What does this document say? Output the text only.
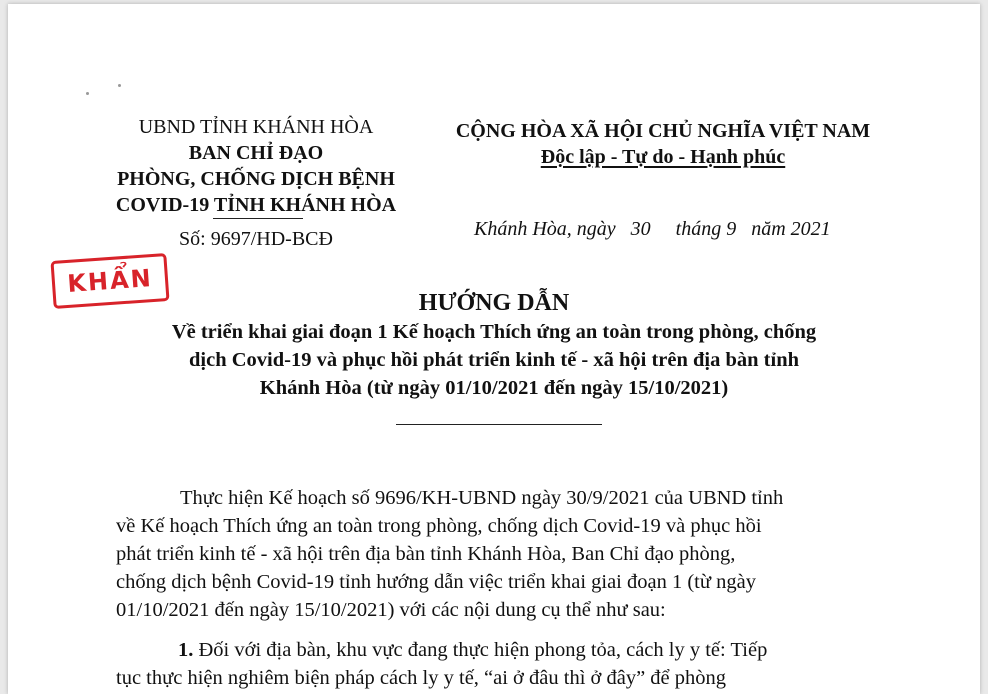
UBND TỈNH KHÁNH HÒA
BAN CHỈ ĐẠO
PHÒNG, CHỐNG DỊCH BỆNH
COVID-19 TỈNH KHÁNH HÒA
Số: 9697/HD-BCĐ
KHẨN
CỘNG HÒA XÃ HỘI CHỦ NGHĨA VIỆT NAM
Độc lập - Tự do - Hạnh phúc
Khánh Hòa, ngày   30     tháng 9   năm 2021
HƯỚNG DẪN
Về triển khai giai đoạn 1 Kế hoạch Thích ứng an toàn trong phòng, chống
dịch Covid-19 và phục hồi phát triển kinh tế - xã hội trên địa bàn tỉnh
Khánh Hòa (từ ngày 01/10/2021 đến ngày 15/10/2021)
Thực hiện Kế hoạch số 9696/KH-UBND ngày 30/9/2021 của UBND tỉnh
về Kế hoạch Thích ứng an toàn trong phòng, chống dịch Covid-19 và phục hồi
phát triển kinh tế - xã hội trên địa bàn tỉnh Khánh Hòa, Ban Chỉ đạo phòng,
chống dịch bệnh Covid-19 tỉnh hướng dẫn việc triển khai giai đoạn 1 (từ ngày
01/10/2021 đến ngày 15/10/2021) với các nội dung cụ thể như sau:
1. Đối với địa bàn, khu vực đang thực hiện phong tỏa, cách ly y tế: Tiếp
tục thực hiện nghiêm biện pháp cách ly y tế, “ai ở đâu thì ở đây” để phòng
